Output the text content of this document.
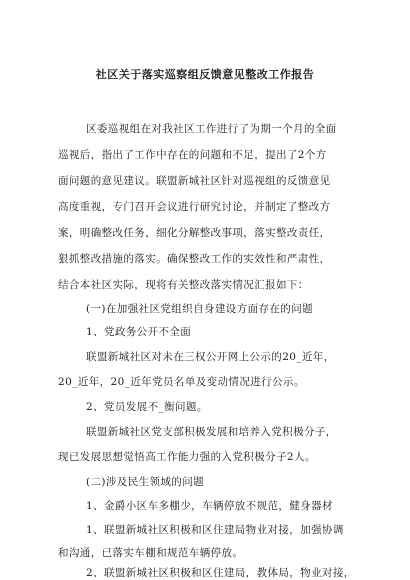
社区关于落实巡察组反馈意见整改工作报告
区委巡视组在对我社区工作进行了为期一个月的全面
巡视后，指出了工作中存在的问题和不足，提出了2个方
面问题的意见建议。联盟新城社区针对巡视组的反馈意见
高度重视，专门召开会议进行研究讨论，并制定了整改方
案，明确整改任务，细化分解整改事项，落实整改责任，
狠抓整改措施的落实。确保整改工作的实效性和严肃性，
结合本社区实际，现将有关整改落实情况汇报如下：
(一)在加强社区党组织自身建设方面存在的问题
1、党政务公开不全面
联盟新城社区对未在三权公开网上公示的20_近年，
20_近年，20_近年党员名单及变动情况进行公示。
2、党员发展不_衡问题。
联盟新城社区党支部积极发展和培养入党积极分子，
现已发展思想觉悟高工作能力强的入党积极分子2人。
(二)涉及民生领域的问题
1、金爵小区车多棚少，车辆停放不规范，健身器材
1、联盟新城社区积极和区住建局物业对接，加强协调
和沟通，已落实车棚和规范车辆停放。
2、联盟新城社区积极和区住建局，教体局，物业对接，
